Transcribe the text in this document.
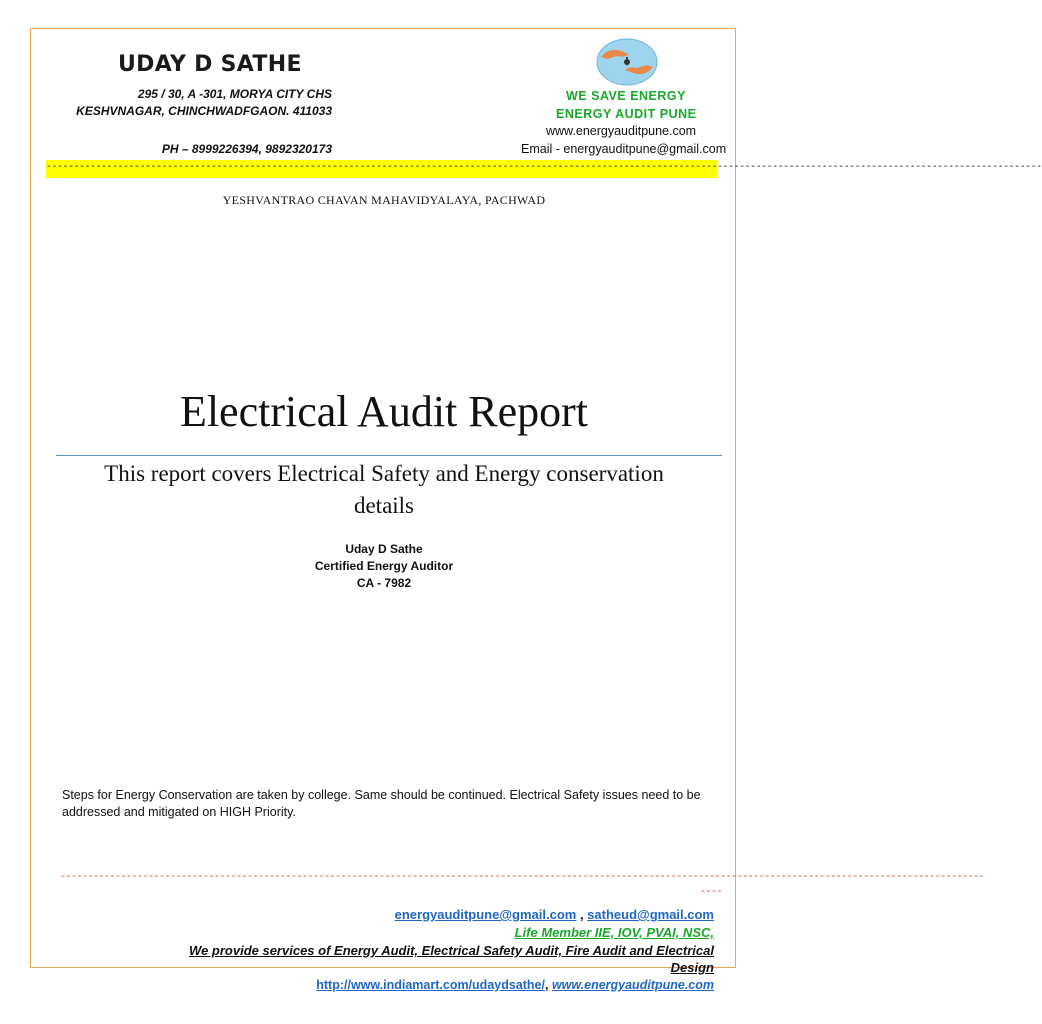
UDAY D SATHE
295 / 30, A -301, MORYA CITY CHS
KESHVNAGAR, CHINCHWADFGAON. 411033
PH – 8999226394, 9892320173
WE SAVE ENERGY
ENERGY AUDIT PUNE
www.energyauditpune.com
Email - energyauditpune@gmail.com
-------------------------------------------------------------------------------------------------------------------------------------------------------------------------------------
YESHVANTRAO CHAVAN MAHAVIDYALAYA, PACHWAD
Electrical Audit Report
This report covers Electrical Safety and Energy conservation details
Uday D Sathe
Certified Energy Auditor
CA - 7982
Steps for Energy Conservation are taken by college. Same should be continued. Electrical Safety issues need to be addressed and mitigated on HIGH Priority.
------------------------------------------------------------------------------------------------------------------------------------------------------------------------
----
energyauditpune@gmail.com , satheud@gmail.com
Life Member IIE, IOV, PVAI, NSC,
We provide services of Energy Audit, Electrical Safety Audit, Fire Audit and Electrical Design
http://www.indiamart.com/udaydsathe/, www.energyauditpune.com
